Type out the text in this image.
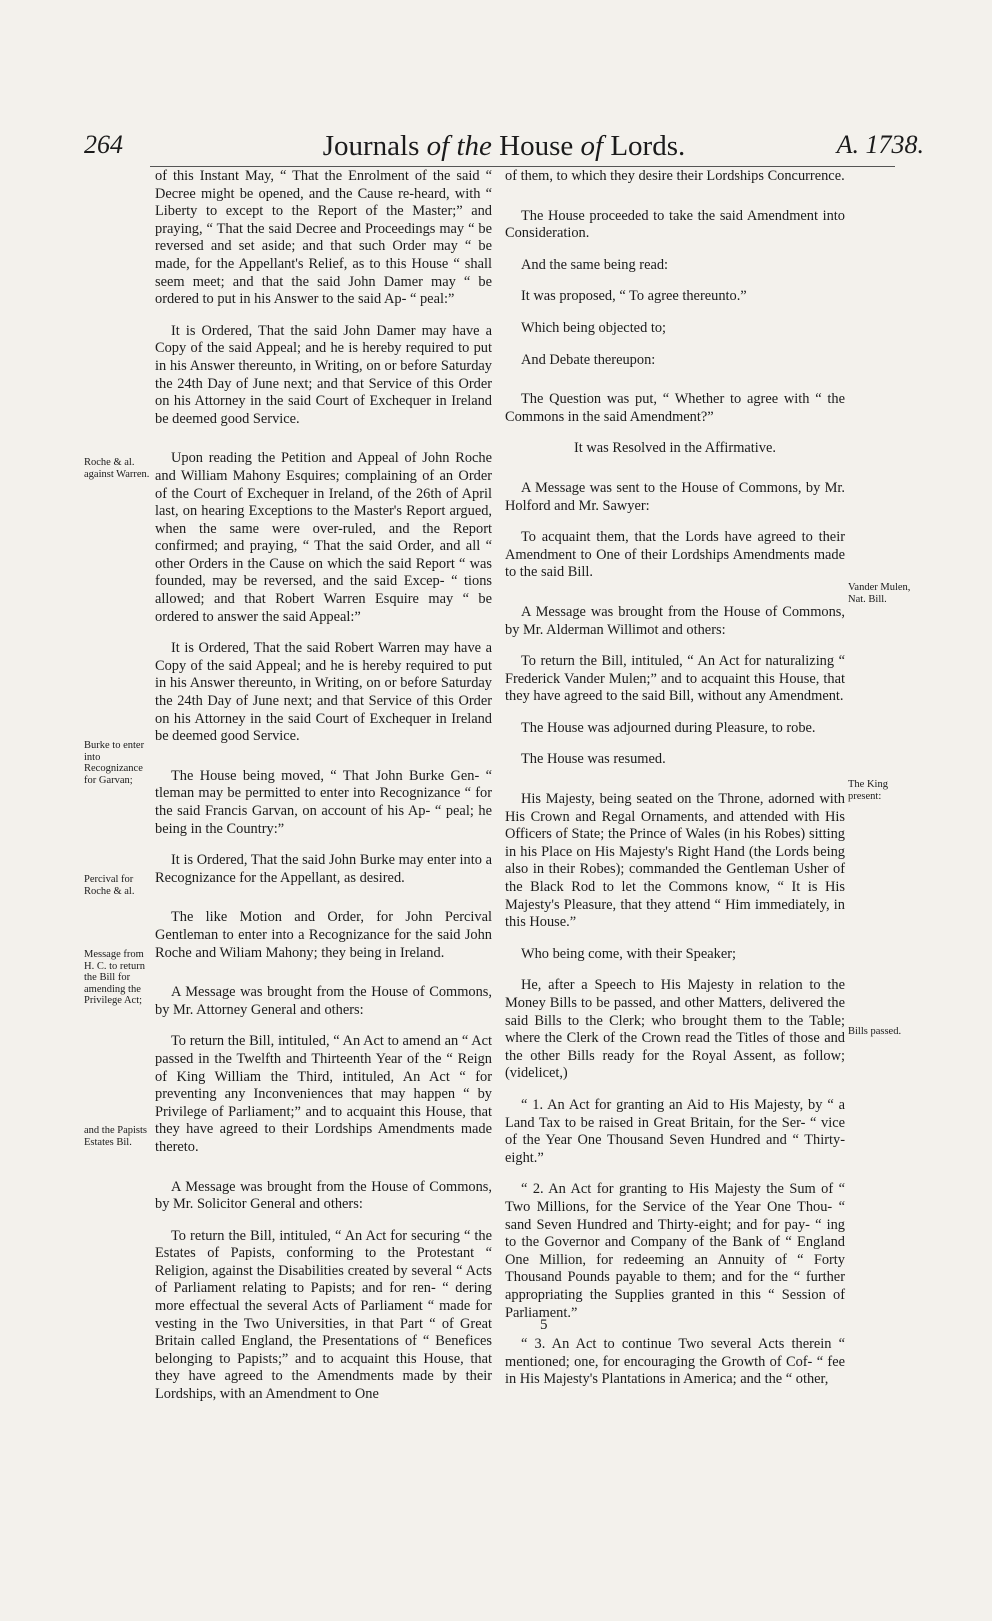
264	Journals of the House of Lords.	A. 1738.
Roche & al. against Warren.
Burke to enter into Recognizance for Garvan;
Percival for Roche & al.
Message from H. C. to return the Bill for amending the Privilege Act;
and the Papists Estates Bil.
Vander Mulen, Nat. Bill.
The King present:
Bills passed.

of this Instant May, “ That the Enrolment of the said “ Decree might be opened, and the Cause re-heard, with “ Liberty to except to the Report of the Master;” and praying, “ That the said Decree and Proceedings may “ be reversed and set aside; and that such Order may “ be made, for the Appellant's Relief, as to this House “ shall seem meet; and that the said John Damer may “ be ordered to put in his Answer to the said Ap- “ peal:”

It is Ordered, That the said John Damer may have a Copy of the said Appeal; and he is hereby required to put in his Answer thereunto, in Writing, on or before Saturday the 24th Day of June next; and that Service of this Order on his Attorney in the said Court of Exchequer in Ireland be deemed good Service.

Upon reading the Petition and Appeal of John Roche and William Mahony Esquires; complaining of an Order of the Court of Exchequer in Ireland, of the 26th of April last, on hearing Exceptions to the Master's Report argued, when the same were over-ruled, and the Report confirmed; and praying, “ That the said Order, and all “ other Orders in the Cause on which the said Report “ was founded, may be reversed, and the said Excep- “ tions allowed; and that Robert Warren Esquire may “ be ordered to answer the said Appeal:”

It is Ordered, That the said Robert Warren may have a Copy of the said Appeal; and he is hereby required to put in his Answer thereunto, in Writing, on or before Saturday the 24th Day of June next; and that Service of this Order on his Attorney in the said Court of Exchequer in Ireland be deemed good Service.

The House being moved, “ That John Burke Gen- “ tleman may be permitted to enter into Recognizance “ for the said Francis Garvan, on account of his Ap- “ peal; he being in the Country:”

It is Ordered, That the said John Burke may enter into a Recognizance for the Appellant, as desired.

The like Motion and Order, for John Percival Gentleman to enter into a Recognizance for the said John Roche and Wiliam Mahony; they being in Ireland.

A Message was brought from the House of Commons, by Mr. Attorney General and others:

To return the Bill, intituled, “ An Act to amend an “ Act passed in the Twelfth and Thirteenth Year of the “ Reign of King William the Third, intituled, An Act “ for preventing any Inconveniences that may happen “ by Privilege of Parliament;” and to acquaint this House, that they have agreed to their Lordships Amendments made thereto.

A Message was brought from the House of Commons, by Mr. Solicitor General and others:

To return the Bill, intituled, “ An Act for securing “ the Estates of Papists, conforming to the Protestant “ Religion, against the Disabilities created by several “ Acts of Parliament relating to Papists; and for ren- “ dering more effectual the several Acts of Parliament “ made for vesting in the Two Universities, in that Part “ of Great Britain called England, the Presentations of “ Benefices belonging to Papists;” and to acquaint this House, that they have agreed to the Amendments made by their Lordships, with an Amendment to One

of them, to which they desire their Lordships Concurrence.

The House proceeded to take the said Amendment into Consideration.

And the same being read:

It was proposed, “ To agree thereunto.”

Which being objected to;

And Debate thereupon:

The Question was put, “ Whether to agree with “ the Commons in the said Amendment?”

It was Resolved in the Affirmative.

A Message was sent to the House of Commons, by Mr. Holford and Mr. Sawyer:

To acquaint them, that the Lords have agreed to their Amendment to One of their Lordships Amendments made to the said Bill.

A Message was brought from the House of Commons, by Mr. Alderman Willimot and others:

To return the Bill, intituled, “ An Act for naturalizing “ Frederick Vander Mulen;” and to acquaint this House, that they have agreed to the said Bill, without any Amendment.

The House was adjourned during Pleasure, to robe.

The House was resumed.

His Majesty, being seated on the Throne, adorned with His Crown and Regal Ornaments, and attended with His Officers of State; the Prince of Wales (in his Robes) sitting in his Place on His Majesty's Right Hand (the Lords being also in their Robes); commanded the Gentleman Usher of the Black Rod to let the Commons know, “ It is His Majesty's Pleasure, that they attend “ Him immediately, in this House.”

Who being come, with their Speaker;

He, after a Speech to His Majesty in relation to the Money Bills to be passed, and other Matters, delivered the said Bills to the Clerk; who brought them to the Table; where the Clerk of the Crown read the Titles of those and the other Bills ready for the Royal Assent, as follow; (videlicet,)

“ 1. An Act for granting an Aid to His Majesty, by “ a Land Tax to be raised in Great Britain, for the Ser- “ vice of the Year One Thousand Seven Hundred and “ Thirty-eight.”

“ 2. An Act for granting to His Majesty the Sum of “ Two Millions, for the Service of the Year One Thou- “ sand Seven Hundred and Thirty-eight; and for pay- “ ing to the Governor and Company of the Bank of “ England One Million, for redeeming an Annuity of “ Forty Thousand Pounds payable to them; and for the “ further appropriating the Supplies granted in this “ Session of Parliament.”

“ 3. An Act to continue Two several Acts therein “ mentioned; one, for encouraging the Growth of Cof- “ fee in His Majesty's Plantations in America; and the “ other,

5
